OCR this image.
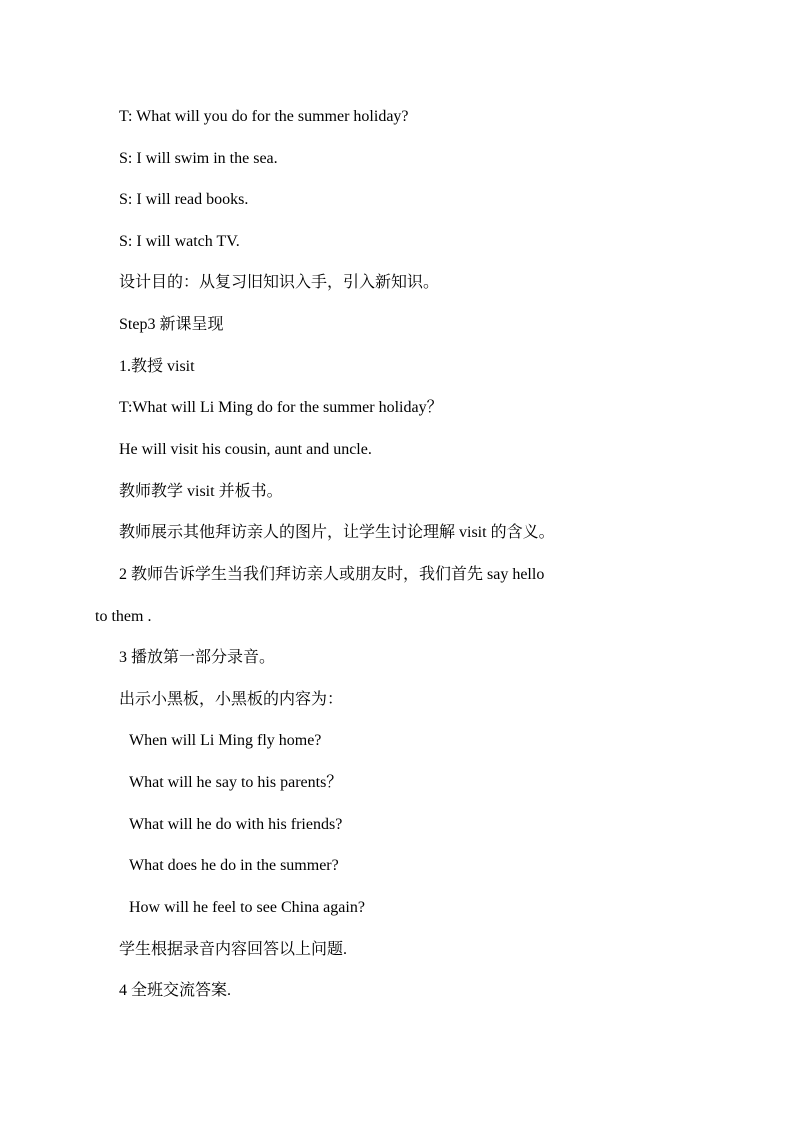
T: What will you do for the summer holiday?
S: I will swim in the sea.
S: I will read books.
S: I will watch TV.
设计目的：从复习旧知识入手，引入新知识。
Step3 新课呈现
1.教授 visit
T:What will Li Ming do for the summer holiday？
He will visit his cousin, aunt and uncle.
教师教学 visit 并板书。
教师展示其他拜访亲人的图片，让学生讨论理解 visit 的含义。
2 教师告诉学生当我们拜访亲人或朋友时，我们首先 say hello
to them .
3 播放第一部分录音。
出示小黑板，小黑板的内容为：
When will Li Ming fly home?
What will he say to his parents？
What will he do with his friends?
What does he do in the summer?
How will he feel to see China again?
学生根据录音内容回答以上问题.
4 全班交流答案.
